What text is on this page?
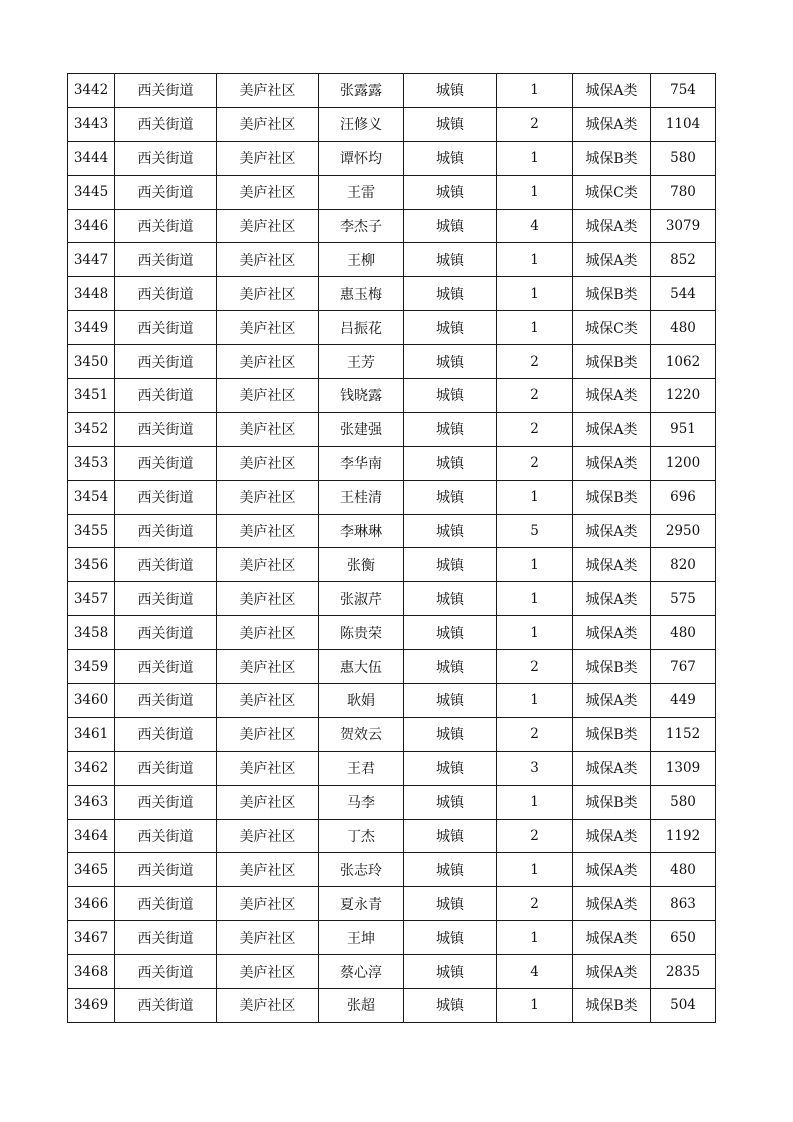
3442	西关街道	美庐社区	张露露	城镇	1	城保A类	754
3443	西关街道	美庐社区	汪修义	城镇	2	城保A类	1104
3444	西关街道	美庐社区	谭怀均	城镇	1	城保B类	580
3445	西关街道	美庐社区	王雷	城镇	1	城保C类	780
3446	西关街道	美庐社区	李杰子	城镇	4	城保A类	3079
3447	西关街道	美庐社区	王柳	城镇	1	城保A类	852
3448	西关街道	美庐社区	惠玉梅	城镇	1	城保B类	544
3449	西关街道	美庐社区	吕振花	城镇	1	城保C类	480
3450	西关街道	美庐社区	王芳	城镇	2	城保B类	1062
3451	西关街道	美庐社区	钱晓露	城镇	2	城保A类	1220
3452	西关街道	美庐社区	张建强	城镇	2	城保A类	951
3453	西关街道	美庐社区	李华南	城镇	2	城保A类	1200
3454	西关街道	美庐社区	王桂清	城镇	1	城保B类	696
3455	西关街道	美庐社区	李琳琳	城镇	5	城保A类	2950
3456	西关街道	美庐社区	张衡	城镇	1	城保A类	820
3457	西关街道	美庐社区	张淑芹	城镇	1	城保A类	575
3458	西关街道	美庐社区	陈贵荣	城镇	1	城保A类	480
3459	西关街道	美庐社区	惠大伍	城镇	2	城保B类	767
3460	西关街道	美庐社区	耿娟	城镇	1	城保A类	449
3461	西关街道	美庐社区	贺效云	城镇	2	城保B类	1152
3462	西关街道	美庐社区	王君	城镇	3	城保A类	1309
3463	西关街道	美庐社区	马李	城镇	1	城保B类	580
3464	西关街道	美庐社区	丁杰	城镇	2	城保A类	1192
3465	西关街道	美庐社区	张志玲	城镇	1	城保A类	480
3466	西关街道	美庐社区	夏永青	城镇	2	城保A类	863
3467	西关街道	美庐社区	王坤	城镇	1	城保A类	650
3468	西关街道	美庐社区	蔡心淳	城镇	4	城保A类	2835
3469	西关街道	美庐社区	张超	城镇	1	城保B类	504
